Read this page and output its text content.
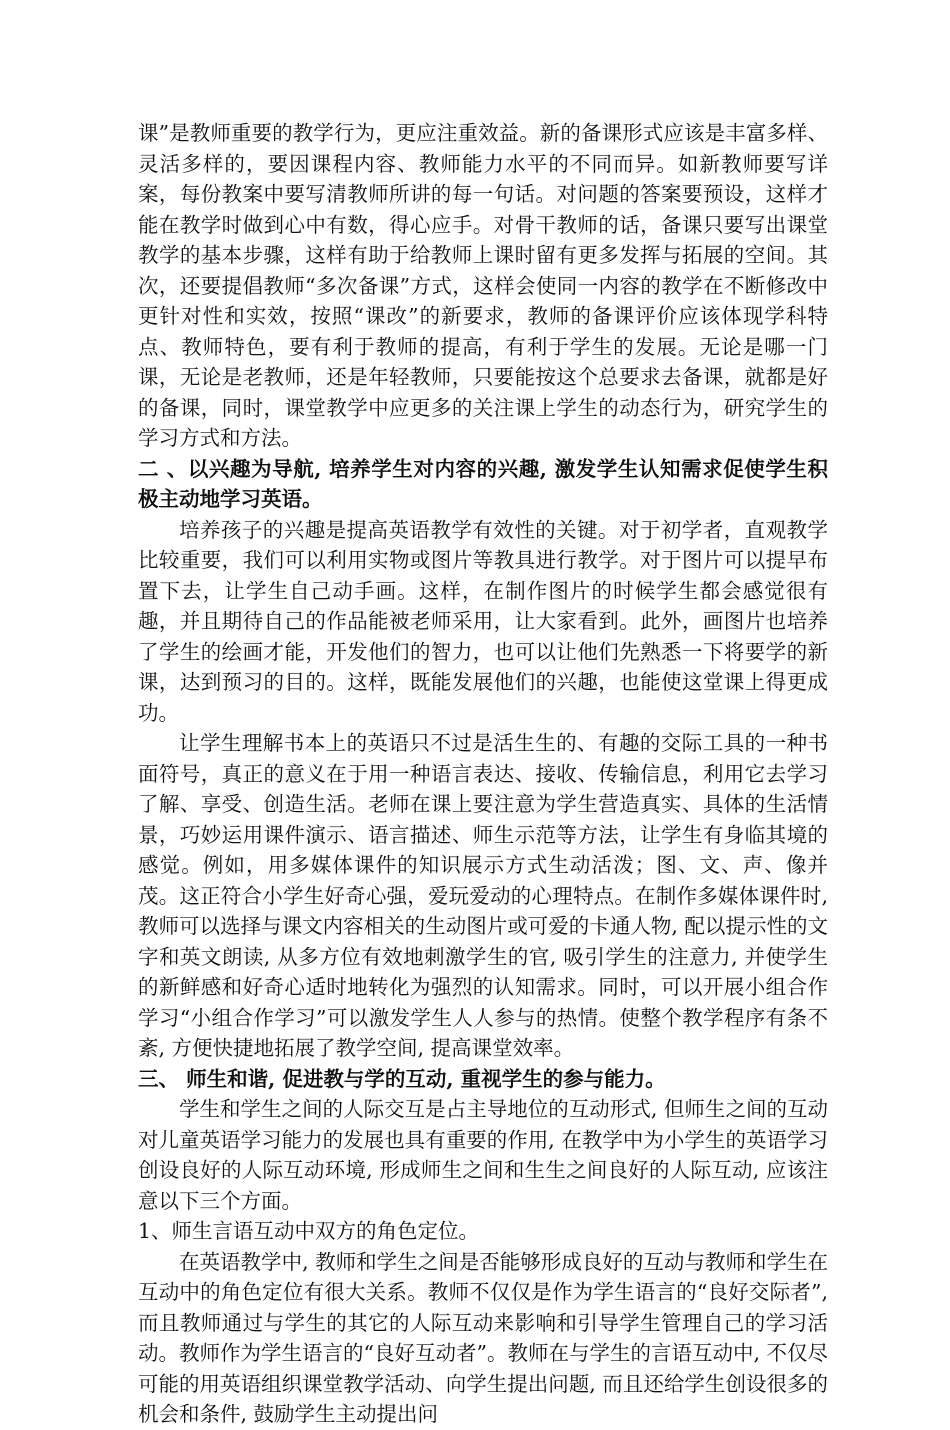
课”是教师重要的教学行为，更应注重效益。新的备课形式应该是丰富多样、灵活多样的，要因课程内容、教师能力水平的不同而异。如新教师要写详案，每份教案中要写清教师所讲的每一句话。对问题的答案要预设，这样才能在教学时做到心中有数，得心应手。对骨干教师的话，备课只要写出课堂教学的基本步骤，这样有助于给教师上课时留有更多发挥与拓展的空间。其次，还要提倡教师“多次备课”方式，这样会使同一内容的教学在不断修改中更针对性和实效，按照“课改”的新要求，教师的备课评价应该体现学科特点、教师特色，要有利于教师的提高，有利于学生的发展。无论是哪一门课，无论是老教师，还是年轻教师，只要能按这个总要求去备课，就都是好的备课，同时，课堂教学中应更多的关注课上学生的动态行为，研究学生的学习方式和方法。

二 、以兴趣为导航, 培养学生对内容的兴趣, 激发学生认知需求促使学生积极主动地学习英语。

培养孩子的兴趣是提高英语教学有效性的关键。对于初学者，直观教学比较重要，我们可以利用实物或图片等教具进行教学。对于图片可以提早布置下去，让学生自己动手画。这样，在制作图片的时候学生都会感觉很有趣，并且期待自己的作品能被老师采用，让大家看到。此外，画图片也培养了学生的绘画才能，开发他们的智力，也可以让他们先熟悉一下将要学的新课，达到预习的目的。这样，既能发展他们的兴趣，也能使这堂课上得更成功。

让学生理解书本上的英语只不过是活生生的、有趣的交际工具的一种书面符号，真正的意义在于用一种语言表达、接收、传输信息，利用它去学习了解、享受、创造生活。老师在课上要注意为学生营造真实、具体的生活情景，巧妙运用课件演示、语言描述、师生示范等方法，让学生有身临其境的感觉。例如，用多媒体课件的知识展示方式生动活泼；图、文、声、像并茂。这正符合小学生好奇心强，爱玩爱动的心理特点。在制作多媒体课件时, 教师可以选择与课文内容相关的生动图片或可爱的卡通人物, 配以提示性的文字和英文朗读, 从多方位有效地刺激学生的官, 吸引学生的注意力, 并使学生的新鲜感和好奇心适时地转化为强烈的认知需求。同时，可以开展小组合作学习“小组合作学习”可以激发学生人人参与的热情。使整个教学程序有条不紊, 方便快捷地拓展了教学空间, 提高课堂效率。

三、 师生和谐, 促进教与学的互动, 重视学生的参与能力。

学生和学生之间的人际交互是占主导地位的互动形式, 但师生之间的互动对儿童英语学习能力的发展也具有重要的作用, 在教学中为小学生的英语学习创设良好的人际互动环境, 形成师生之间和生生之间良好的人际互动, 应该注意以下三个方面。

1、师生言语互动中双方的角色定位。

在英语教学中, 教师和学生之间是否能够形成良好的互动与教师和学生在互动中的角色定位有很大关系。教师不仅仅是作为学生语言的“良好交际者”, 而且教师通过与学生的其它的人际互动来影响和引导学生管理自己的学习活动。教师作为学生语言的“良好互动者”。教师在与学生的言语互动中, 不仅尽可能的用英语组织课堂教学活动、向学生提出问题, 而且还给学生创设很多的机会和条件, 鼓励学生主动提出问
